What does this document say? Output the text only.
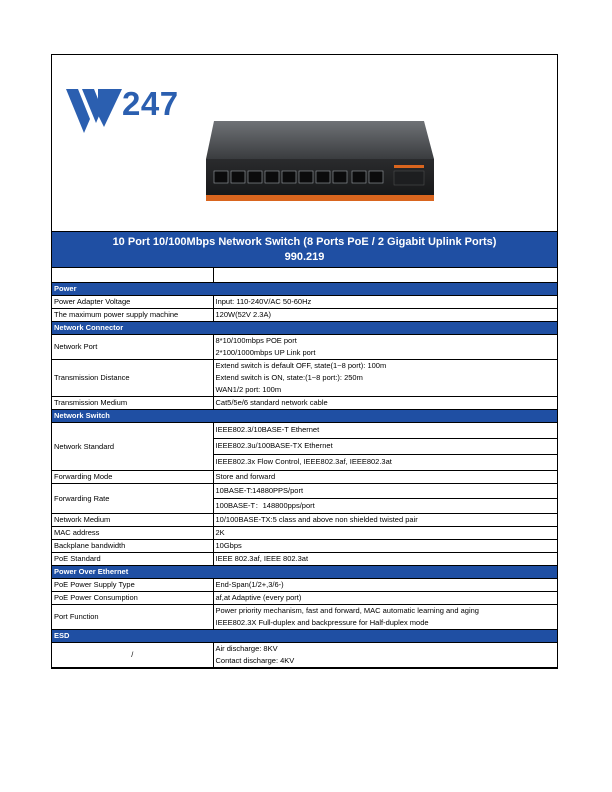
247
10 Port 10/100Mbps Network Switch (8 Ports PoE / 2 Gigabit Uplink Ports)
990.219

Power	
Power Adapter Voltage	Input: 110-240V/AC 50-60Hz
The maximum power supply machine	120W(52V 2.3A)
Network Connector	
Network Port	8*10/100mbps POE port
2*100/1000mbps UP Link port

Transmission Distance	Extend switch is default OFF, state(1~8 port): 100m
Extend switch is ON, state:(1~8 port:): 250m
WAN1/2 port: 100m

Transmission Medium	Cat5/5e/6 standard network cable
Network Switch	
Network Standard	IEEE802.3/10BASE-T Ethernet
IEEE802.3u/100BASE-TX Ethernet
IEEE802.3x Flow Control, IEEE802.3af, IEEE802.3at

Forwarding Mode	Store and forward
Forwarding Rate	10BASE-T:14880PPS/port
100BASE-T：148800pps/port

Network Medium	10/100BASE-TX:5 class and above non shielded twisted pair
MAC address	2K
Backplane bandwidth	10Gbps
PoE Standard	IEEE 802.3af, IEEE 802.3at
Power Over Ethernet	
PoE Power Supply Type	End-Span(1/2+,3/6-)
PoE Power Consumption	af,at Adaptive (every port)
Port Function	Power priority mechanism, fast and forward, MAC automatic learning and aging
IEEE802.3X Full-duplex and backpressure for Half-duplex mode

ESD	
/	Air discharge: 8KV
Contact discharge: 4KV
